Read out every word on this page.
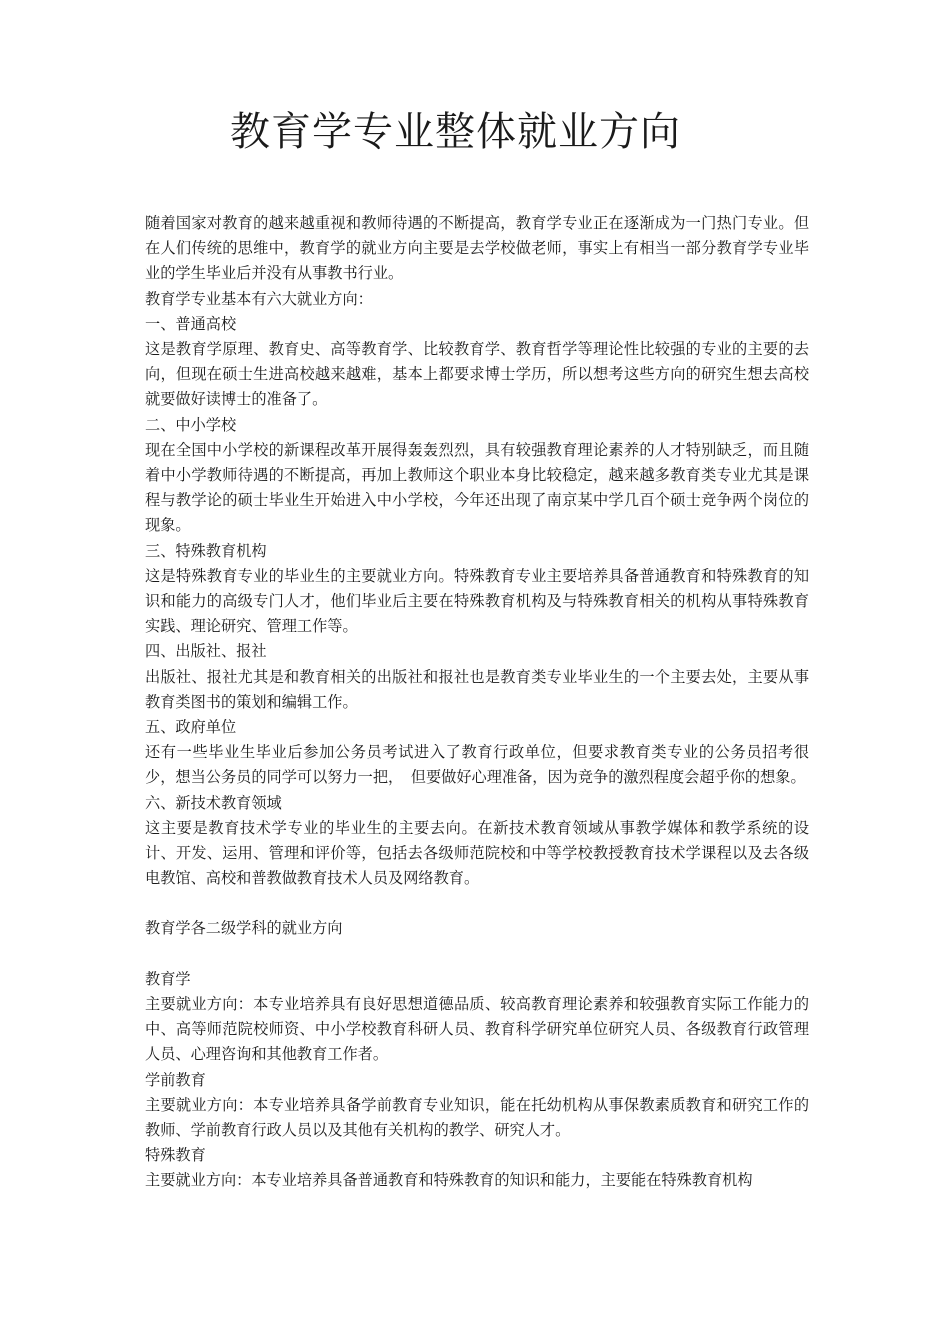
教育学专业整体就业方向

随着国家对教育的越来越重视和教师待遇的不断提高，教育学专业正在逐渐成为一门热门专业。但在人们传统的思维中，教育学的就业方向主要是去学校做老师，事实上有相当一部分教育学专业毕业的学生毕业后并没有从事教书行业。

教育学专业基本有六大就业方向：

一、普通高校

这是教育学原理、教育史、高等教育学、比较教育学、教育哲学等理论性比较强的专业的主要的去向，但现在硕士生进高校越来越难，基本上都要求博士学历，所以想考这些方向的研究生想去高校就要做好读博士的准备了。

二、中小学校

现在全国中小学校的新课程改革开展得轰轰烈烈，具有较强教育理论素养的人才特别缺乏，而且随着中小学教师待遇的不断提高，再加上教师这个职业本身比较稳定，越来越多教育类专业尤其是课程与教学论的硕士毕业生开始进入中小学校，今年还出现了南京某中学几百个硕士竞争两个岗位的现象。

三、特殊教育机构

这是特殊教育专业的毕业生的主要就业方向。特殊教育专业主要培养具备普通教育和特殊教育的知识和能力的高级专门人才，他们毕业后主要在特殊教育机构及与特殊教育相关的机构从事特殊教育实践、理论研究、管理工作等。

四、出版社、报社

出版社、报社尤其是和教育相关的出版社和报社也是教育类专业毕业生的一个主要去处，主要从事教育类图书的策划和编辑工作。

五、政府单位

还有一些毕业生毕业后参加公务员考试进入了教育行政单位，但要求教育类专业的公务员招考很少，想当公务员的同学可以努力一把，　但要做好心理准备，因为竞争的激烈程度会超乎你的想象。

六、新技术教育领域

这主要是教育技术学专业的毕业生的主要去向。在新技术教育领域从事教学媒体和教学系统的设计、开发、运用、管理和评价等，包括去各级师范院校和中等学校教授教育技术学课程以及去各级电教馆、高校和普教做教育技术人员及网络教育。

教育学各二级学科的就业方向

教育学

主要就业方向：本专业培养具有良好思想道德品质、较高教育理论素养和较强教育实际工作能力的中、高等师范院校师资、中小学校教育科研人员、教育科学研究单位研究人员、各级教育行政管理人员、心理咨询和其他教育工作者。

学前教育

主要就业方向：本专业培养具备学前教育专业知识，能在托幼机构从事保教素质教育和研究工作的教师、学前教育行政人员以及其他有关机构的教学、研究人才。

特殊教育

主要就业方向：本专业培养具备普通教育和特殊教育的知识和能力，主要能在特殊教育机构
